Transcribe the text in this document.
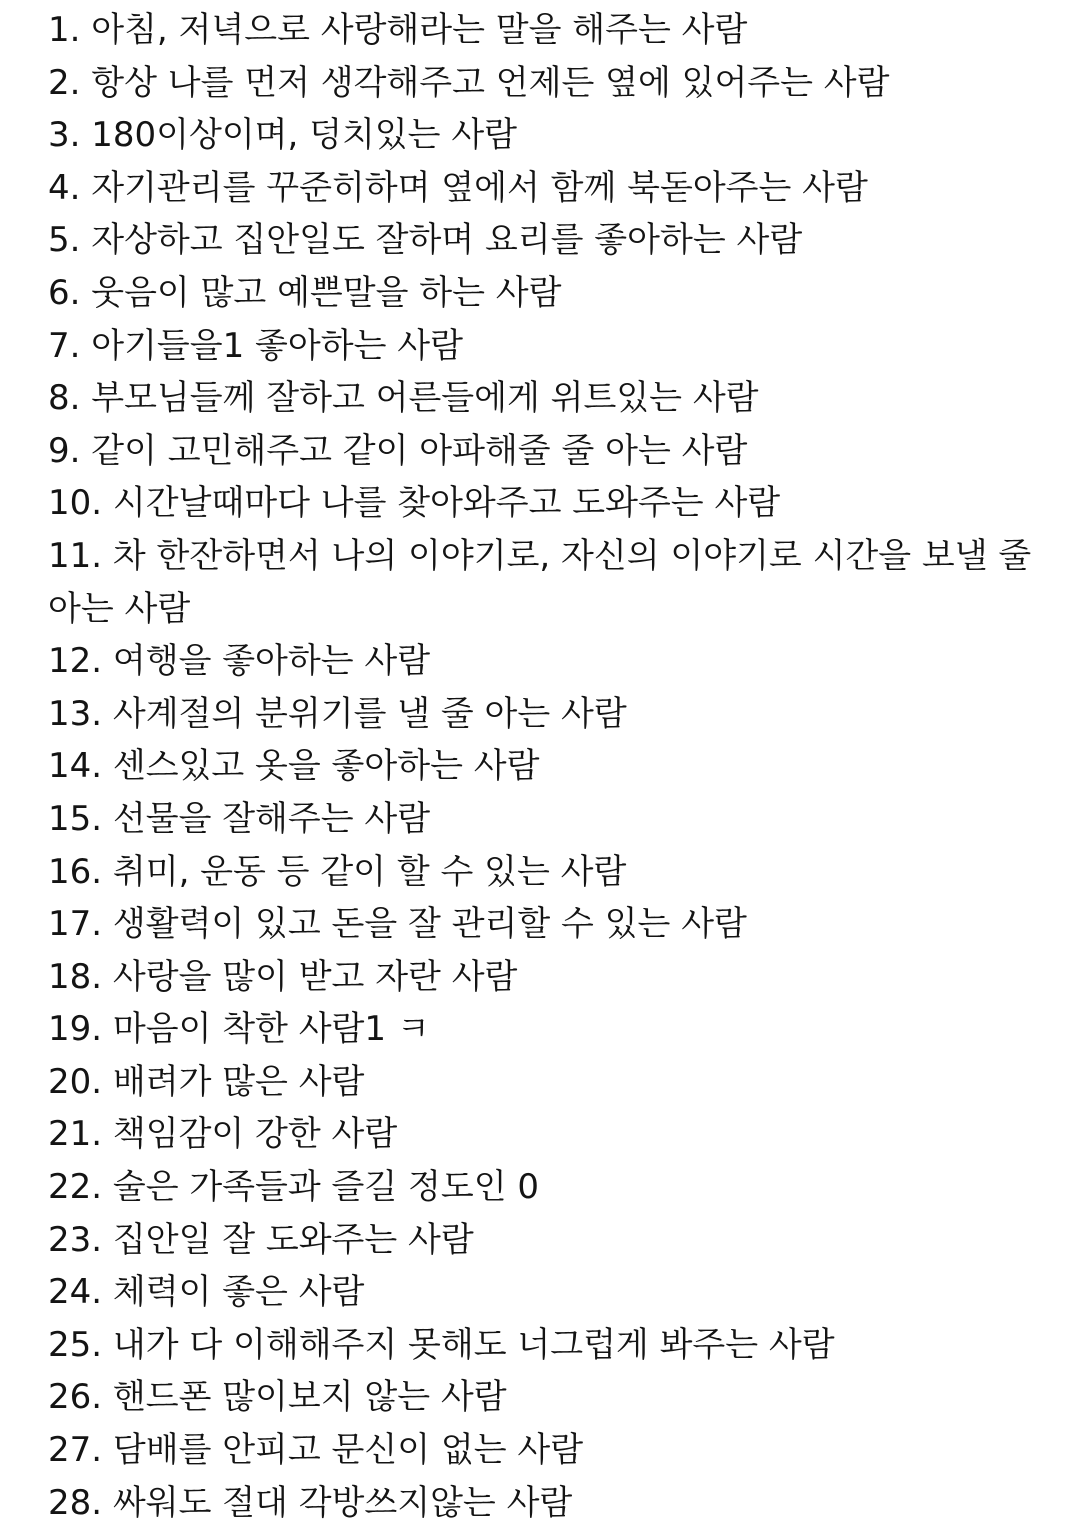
1. 아침, 저녁으로 사랑해라는 말을 해주는 사람
2. 항상 나를 먼저 생각해주고 언제든 옆에 있어주는 사람
3. 180이상이며, 덩치있는 사람
4. 자기관리를 꾸준히하며 옆에서 함께 북돋아주는 사람
5. 자상하고 집안일도 잘하며 요리를 좋아하는 사람
6. 웃음이 많고 예쁜말을 하는 사람
7. 아기들을1 좋아하는 사람
8. 부모님들께 잘하고 어른들에게 위트있는 사람
9. 같이 고민해주고 같이 아파해줄 줄 아는 사람
10. 시간날때마다 나를 찾아와주고 도와주는 사람
11. 차 한잔하면서 나의 이야기로, 자신의 이야기로 시간을 보낼 줄 아는 사람
12. 여행을 좋아하는 사람
13. 사계절의 분위기를 낼 줄 아는 사람
14. 센스있고 옷을 좋아하는 사람
15. 선물을 잘해주는 사람
16. 취미, 운동 등 같이 할 수 있는 사람
17. 생활력이 있고 돈을 잘 관리할 수 있는 사람
18. 사랑을 많이 받고 자란 사람
19. 마음이 착한 사람1 ㅋ
20. 배려가 많은 사람
21. 책임감이 강한 사람
22. 술은 가족들과 즐길 정도인 0
23. 집안일 잘 도와주는 사람
24. 체력이 좋은 사람
25. 내가 다 이해해주지 못해도 너그럽게 봐주는 사람
26. 핸드폰 많이보지 않는 사람
27. 담배를 안피고 문신이 없는 사람
28. 싸워도 절대 각방쓰지않는 사람
